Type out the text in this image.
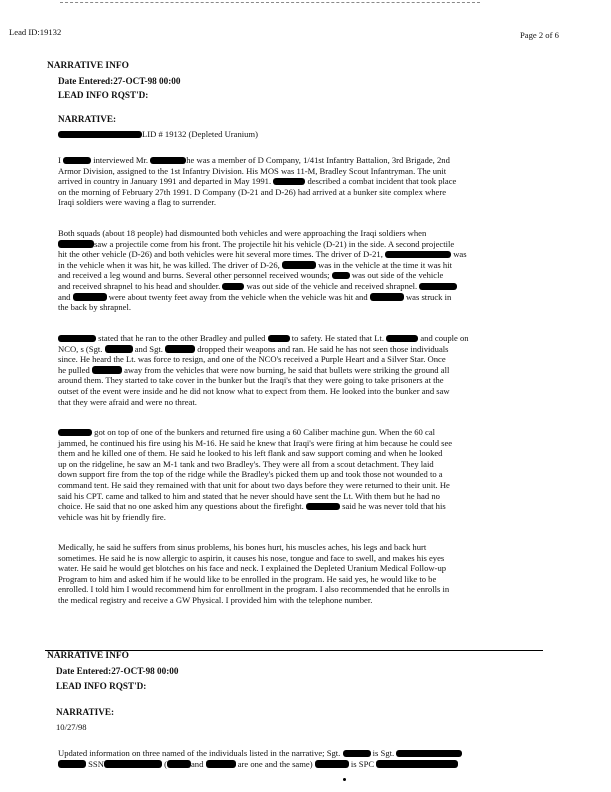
Lead ID:19132	Page 2 of 6
NARRATIVE INFO
Date Entered:27-OCT-98 00:00
LEAD INFO RQST'D:
NARRATIVE:
LID # 19132 (Depleted Uranium)
I	interviewed Mr.	he was a member of D Company, 1/41st Infantry Battalion, 3rd Brigade, 2nd
Armor Division, assigned to the 1st Infantry Division. His MOS was 11-M, Bradley Scout Infantryman. The unit
arrived in country in January 1991 and departed in May 1991.	described a combat incident that took place
on the morning of February 27th 1991. D Company (D-21 and D-26) had arrived at a bunker site complex where
Iraqi soldiers were waving a flag to surrender.
Both squads (about 18 people) had dismounted both vehicles and were approaching the Iraqi soldiers when
saw a projectile come from his front. The projectile hit his vehicle (D-21) in the side. A second projectile
hit the other vehicle (D-26) and both vehicles were hit several more times. The driver of D-21,	was
in the vehicle when it was hit, he was killed. The driver of D-26,	was in the vehicle at the time it was hit
and received a leg wound and burns. Several other personnel received wounds;	was out side of the vehicle
and received shrapnel to his head and shoulder.	was out side of the vehicle and received shrapnel.
and	were about twenty feet away from the vehicle when the vehicle was hit and	was struck in
the back by shrapnel.
stated that he ran to the other Bradley and pulled	to safety. He stated that Lt.	and couple on
NCO, s (Sgt.	and Sgt.	dropped their weapons and ran. He said he has not seen those individuals
since. He heard the Lt. was force to resign, and one of the NCO's received a Purple Heart and a Silver Star. Once
he pulled	away from the vehicles that were now burning, he said that bullets were striking the ground all
around them. They started to take cover in the bunker but the Iraqi's that they were going to take prisoners at the
outset of the event were inside and he did not know what to expect from them. He looked into the bunker and saw
that they were afraid and were no threat.
got on top of one of the bunkers and returned fire using a 60 Caliber machine gun. When the 60 cal
jammed, he continued his fire using his M-16. He said he knew that Iraqi's were firing at him because he could see
them and he killed one of them. He said he looked to his left flank and saw support coming and when he looked
up on the ridgeline, he saw an M-1 tank and two Bradley's. They were all from a scout detachment. They laid
down support fire from the top of the ridge while the Bradley's picked them up and took those not wounded to a
command tent. He said they remained with that unit for about two days before they were returned to their unit. He
said his CPT. came and talked to him and stated that he never should have sent the Lt. With them but he had no
choice. He said that no one asked him any questions about the firefight.	said he was never told that his
vehicle was hit by friendly fire.
Medically, he said he suffers from sinus problems, his bones hurt, his muscles aches, his legs and back hurt
sometimes. He said he is now allergic to aspirin, it causes his nose, tongue and face to swell, and makes his eyes
water. He said he would get blotches on his face and neck. I explained the Depleted Uranium Medical Follow-up
Program to him and asked him if he would like to be enrolled in the program. He said yes, he would like to be
enrolled. I told him I would recommend him for enrollment in the program. I also recommended that he enrolls in
the medical registry and receive a GW Physical. I provided him with the telephone number.
NARRATIVE INFO
Date Entered:27-OCT-98 00:00
LEAD INFO RQST'D:
NARRATIVE:
10/27/98
Updated information on three named of the individuals listed in the narrative; Sgt.	is Sgt.
SSN	(	and	are one and the same)	is SPC
